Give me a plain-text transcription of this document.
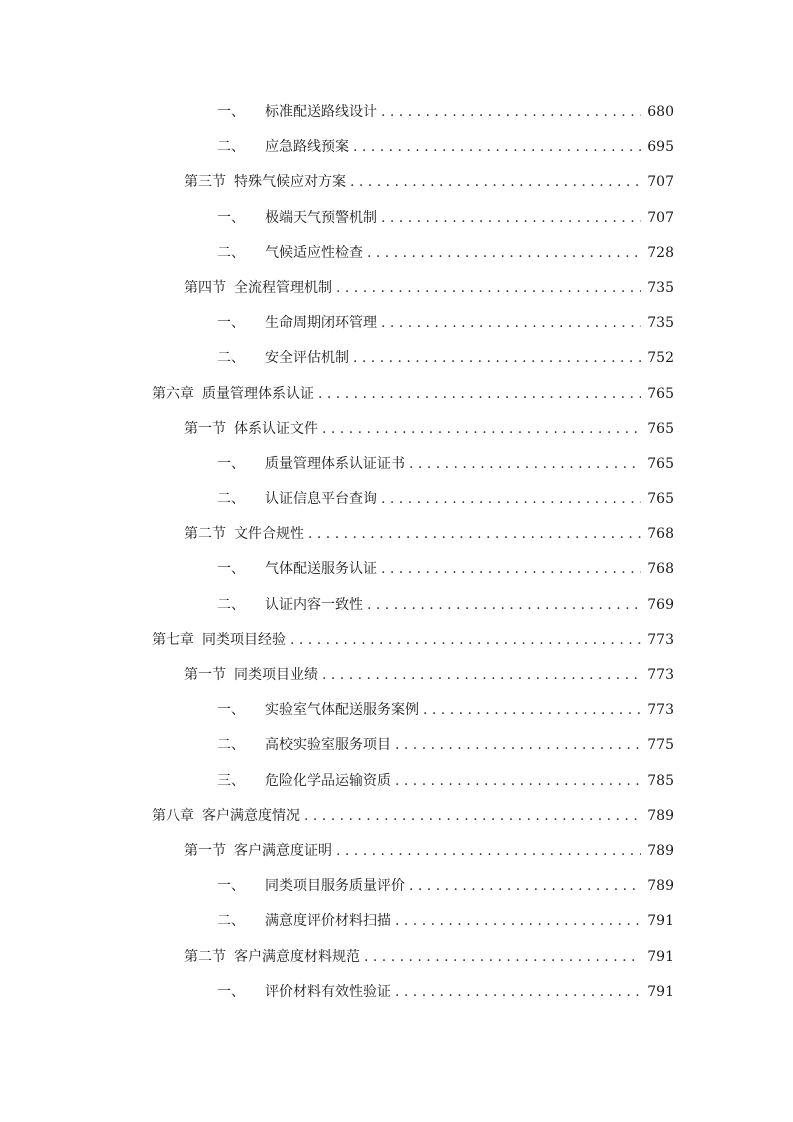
一、 标准配送路线设计 . . .	680
二、 应急路线预案 . . .	695
第三节 特殊气候应对方案 . . .	707
一、 极端天气预警机制 . . .	707
二、 气候适应性检查 . . .	728
第四节 全流程管理机制 . . .	735
一、 生命周期闭环管理 . . .	735
二、 安全评估机制 . . .	752
第六章 质量管理体系认证 . . .	765
第一节 体系认证文件 . . .	765
一、 质量管理体系认证证书 . . .	765
二、 认证信息平台查询 . . .	765
第二节 文件合规性 . . .	768
一、 气体配送服务认证 . . .	768
二、 认证内容一致性 . . .	769
第七章 同类项目经验 . . .	773
第一节 同类项目业绩 . . .	773
一、 实验室气体配送服务案例 . . .	773
二、 高校实验室服务项目 . . .	775
三、 危险化学品运输资质 . . .	785
第八章 客户满意度情况 . . .	789
第一节 客户满意度证明 . . .	789
一、 同类项目服务质量评价 . . .	789
二、 满意度评价材料扫描 . . .	791
第二节 客户满意度材料规范 . . .	791
一、 评价材料有效性验证 . . .	791
